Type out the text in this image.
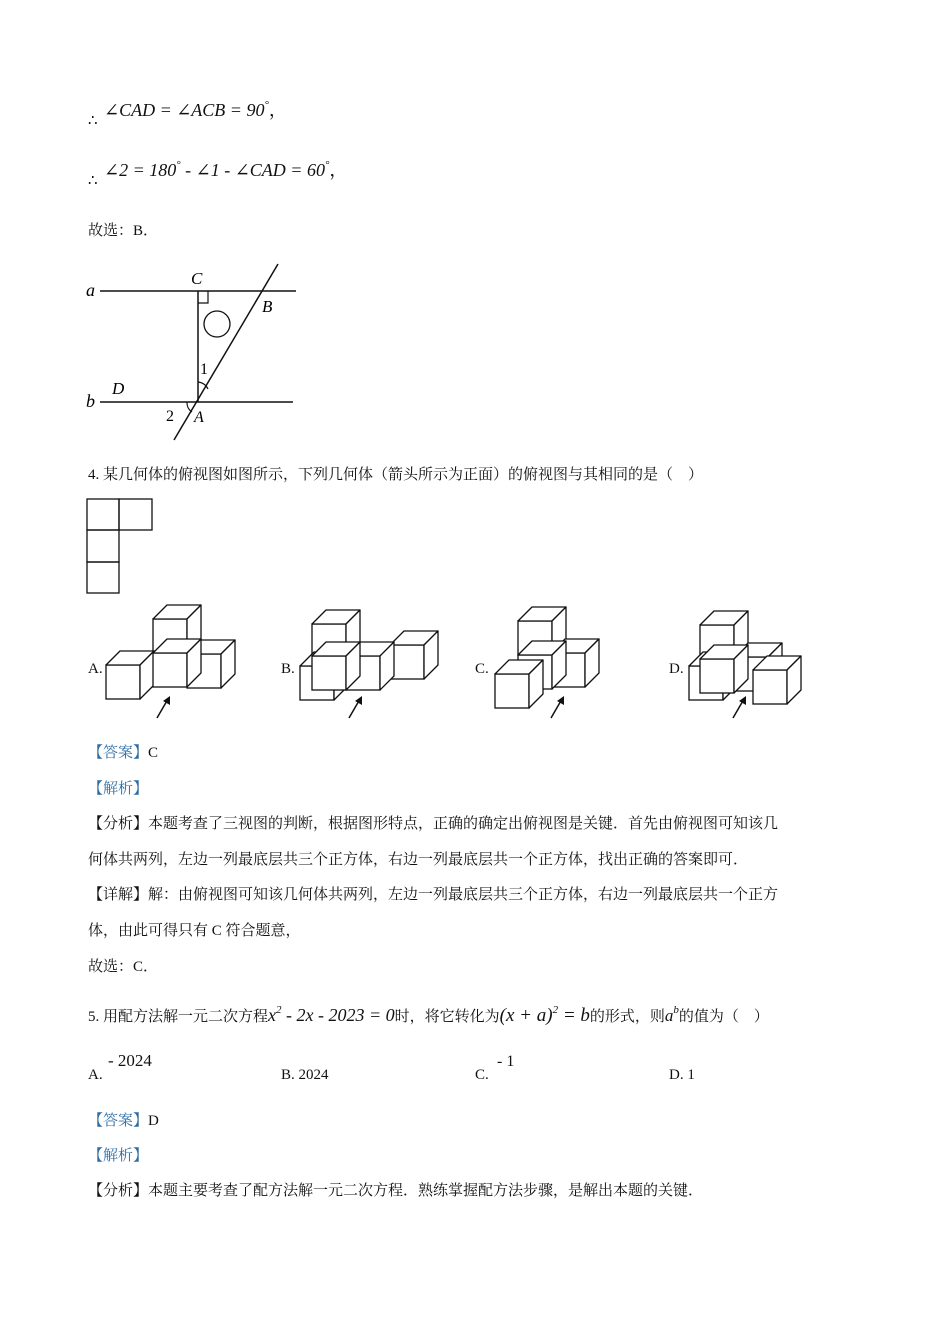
∴
∠CAD = ∠ACB = 90°，
∴
∠2 = 180° - ∠1 - ∠CAD = 60°，
故选：B．
a
b
C
B
D
A
1
2
4. 某几何体的俯视图如图所示，下列几何体（箭头所示为正面）的俯视图与其相同的是（　）
A.	B.	C.	D.
【答案】C
【解析】
【分析】本题考查了三视图的判断，根据图形特点，正确的确定出俯视图是关键．首先由俯视图可知该几
何体共两列，左边一列最底层共三个正方体，右边一列最底层共一个正方体，找出正确的答案即可．
【详解】解：由俯视图可知该几何体共两列，左边一列最底层共三个正方体，右边一列最底层共一个正方
体，由此可得只有 C 符合题意，
故选：C．
5. 用配方法解一元二次方程$x^2 - 2x - 2023 = 0$时，将它转化为$(x + a)^2 = b$的形式，则$a^b$的值为（　）
A.
- 2024
B. 2024	C.
- 1
D. 1
【答案】D
【解析】
【分析】本题主要考查了配方法解一元二次方程．熟练掌握配方法步骤，是解出本题的关键．
